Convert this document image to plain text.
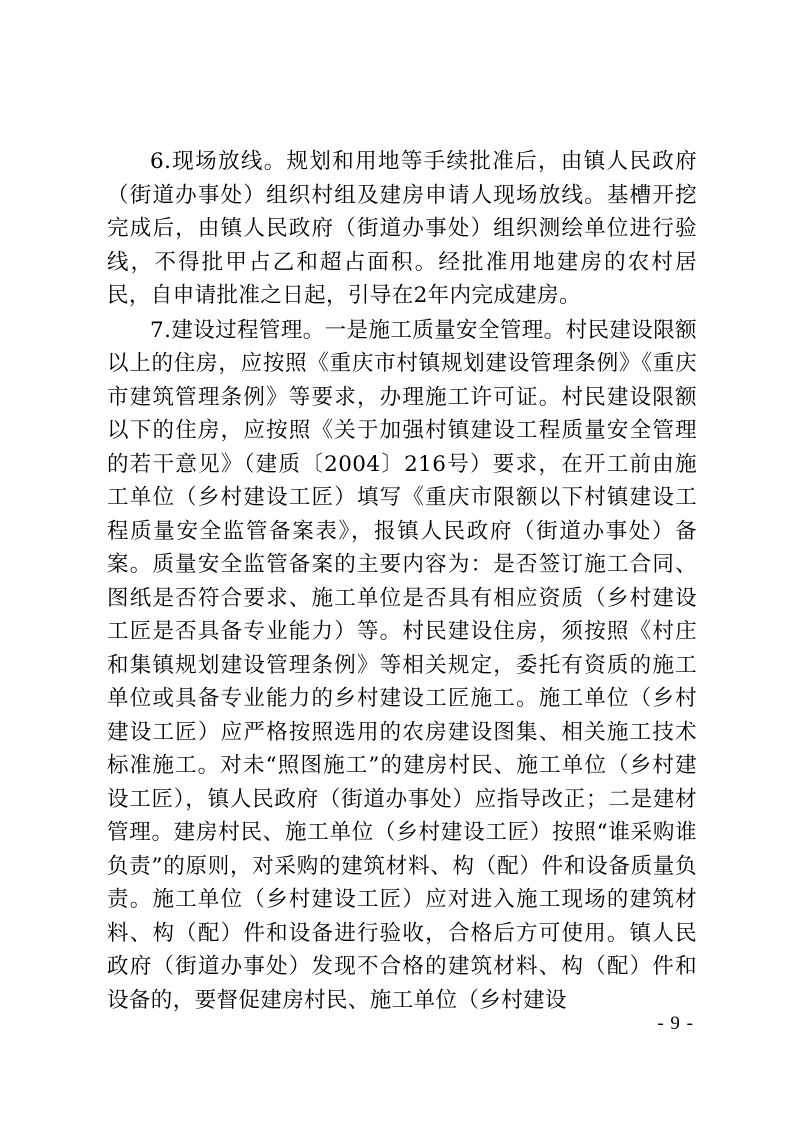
6.现场放线。规划和用地等手续批准后，由镇人民政府（街道办事处）组织村组及建房申请人现场放线。基槽开挖完成后，由镇人民政府（街道办事处）组织测绘单位进行验线，不得批甲占乙和超占面积。经批准用地建房的农村居民，自申请批准之日起，引导在2年内完成建房。

7.建设过程管理。一是施工质量安全管理。村民建设限额以上的住房，应按照《重庆市村镇规划建设管理条例》《重庆市建筑管理条例》等要求，办理施工许可证。村民建设限额以下的住房，应按照《关于加强村镇建设工程质量安全管理的若干意见》（建质〔2004〕216号）要求，在开工前由施工单位（乡村建设工匠）填写《重庆市限额以下村镇建设工程质量安全监管备案表》，报镇人民政府（街道办事处）备案。质量安全监管备案的主要内容为：是否签订施工合同、图纸是否符合要求、施工单位是否具有相应资质（乡村建设工匠是否具备专业能力）等。村民建设住房，须按照《村庄和集镇规划建设管理条例》等相关规定，委托有资质的施工单位或具备专业能力的乡村建设工匠施工。施工单位（乡村建设工匠）应严格按照选用的农房建设图集、相关施工技术标准施工。对未“照图施工”的建房村民、施工单位（乡村建设工匠），镇人民政府（街道办事处）应指导改正；二是建材管理。建房村民、施工单位（乡村建设工匠）按照“谁采购谁负责”的原则，对采购的建筑材料、构（配）件和设备质量负责。施工单位（乡村建设工匠）应对进入施工现场的建筑材料、构（配）件和设备进行验收，合格后方可使用。镇人民政府（街道办事处）发现不合格的建筑材料、构（配）件和设备的，要督促建房村民、施工单位（乡村建设

- 9 -
